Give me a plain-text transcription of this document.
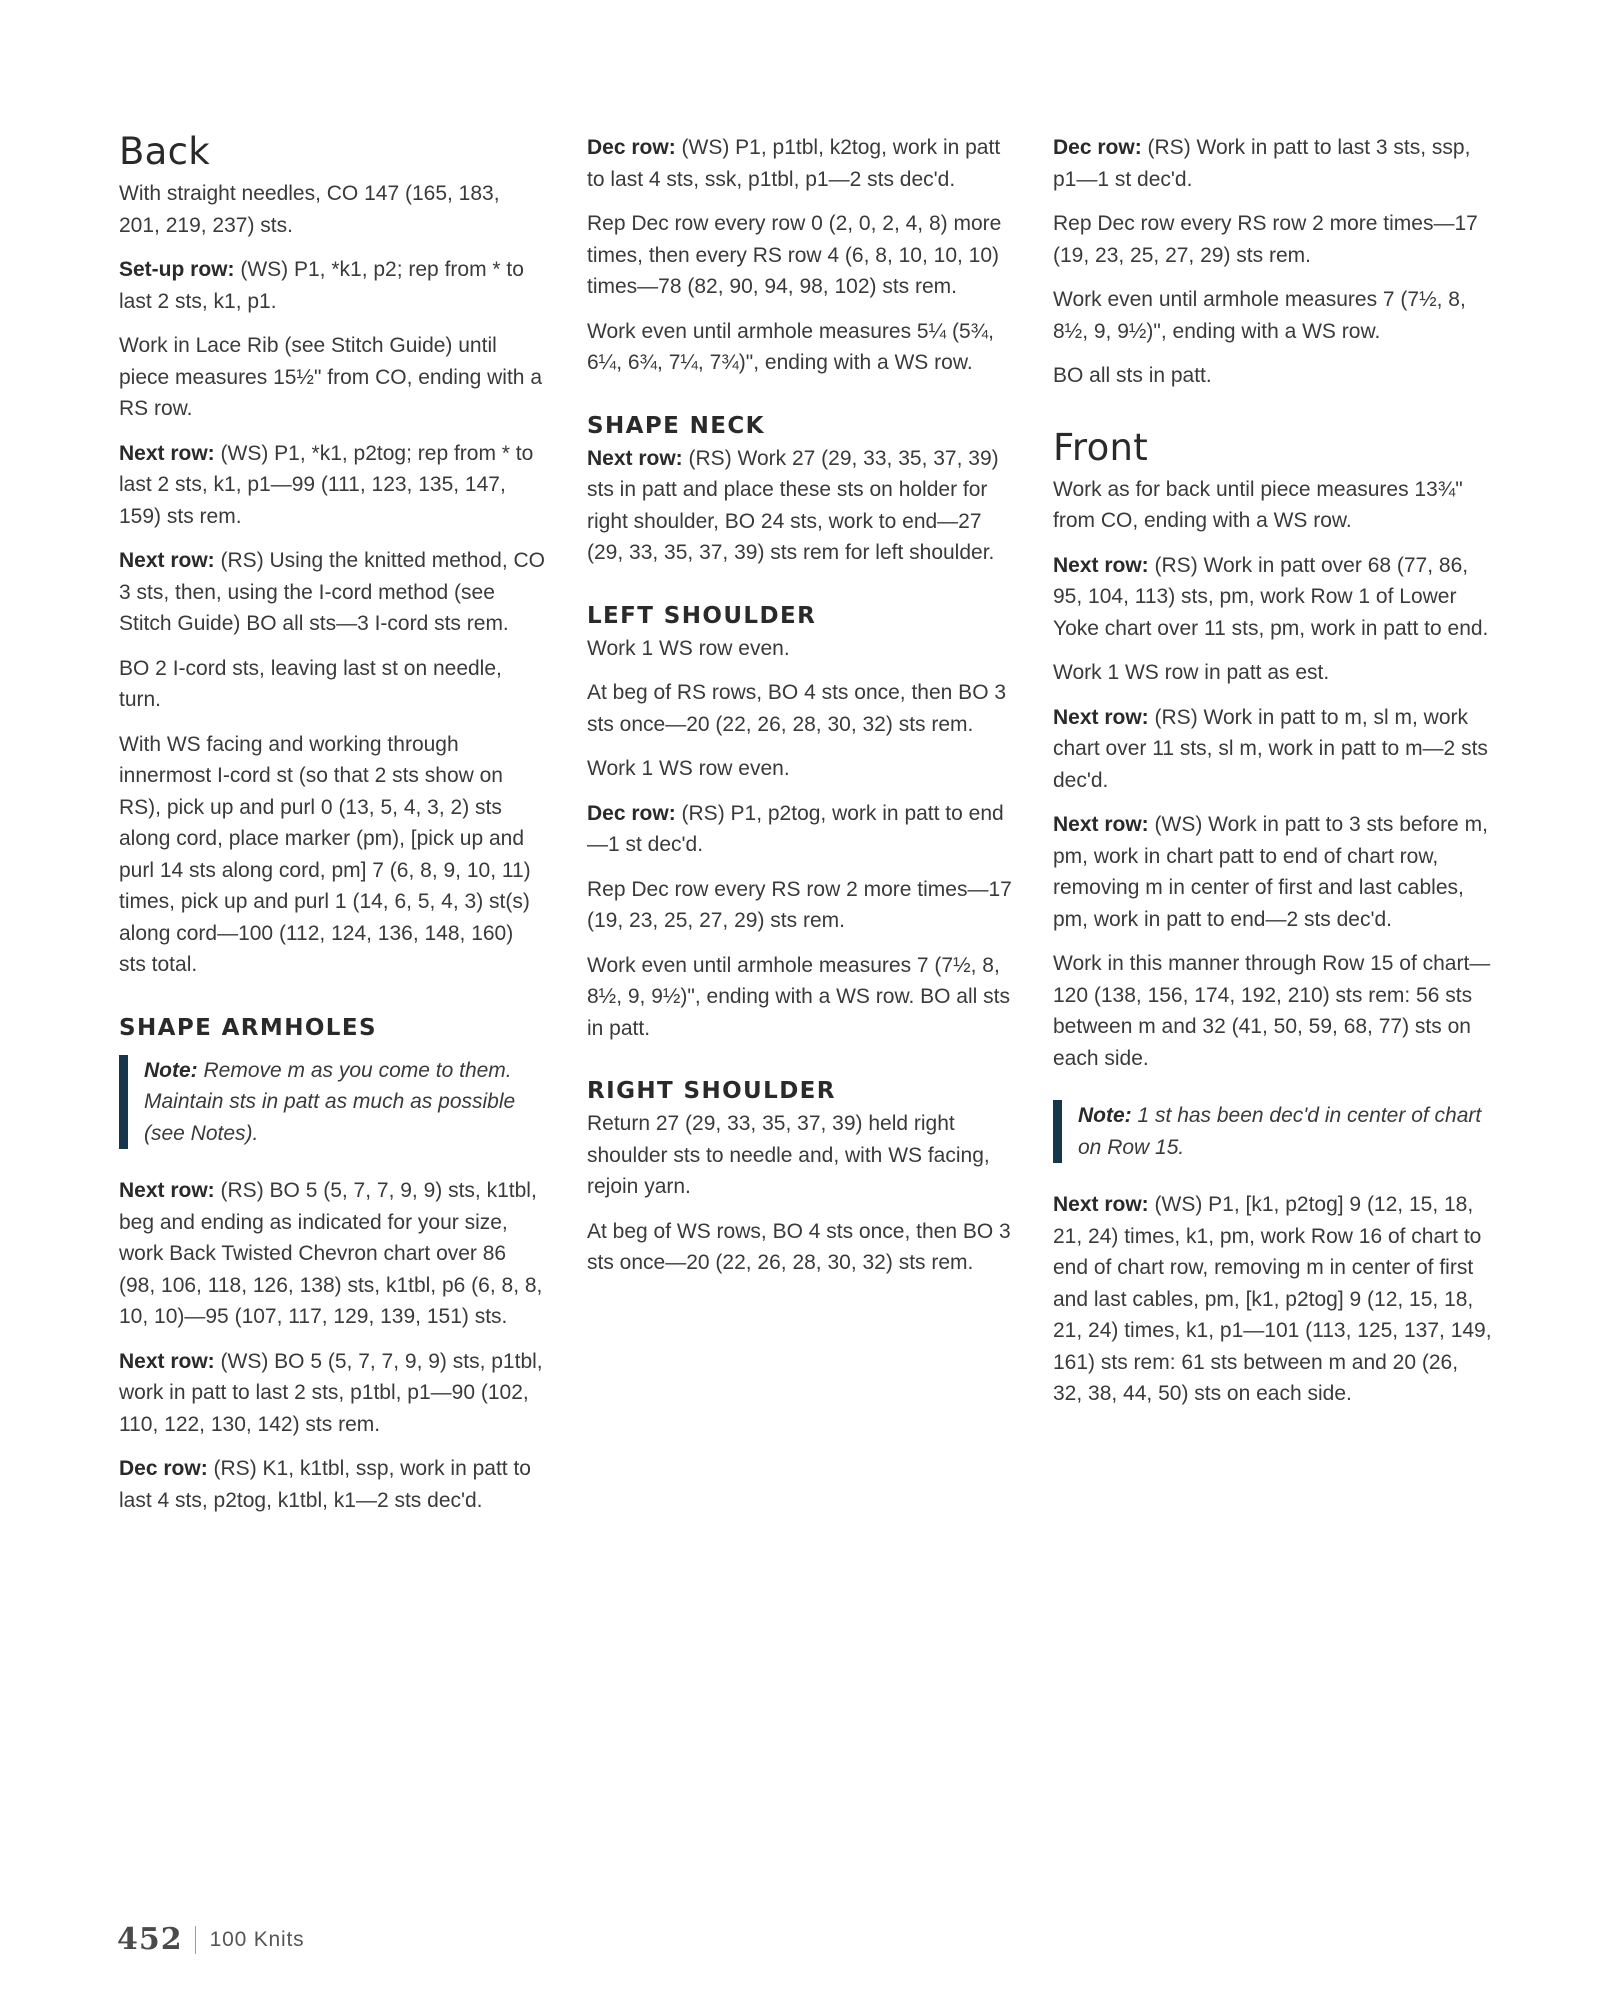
Back

With straight needles, CO 147 (165, 183, 201, 219, 237) sts.

Set-up row: (WS) P1, *k1, p2; rep from * to last 2 sts, k1, p1.

Work in Lace Rib (see Stitch Guide) until piece measures 15½" from CO, ending with a RS row.

Next row: (WS) P1, *k1, p2tog; rep from * to last 2 sts, k1, p1—99 (111, 123, 135, 147, 159) sts rem.

Next row: (RS) Using the knitted method, CO 3 sts, then, using the I-cord method (see Stitch Guide) BO all sts—3 I-cord sts rem.

BO 2 I-cord sts, leaving last st on needle, turn.

With WS facing and working through innermost I-cord st (so that 2 sts show on RS), pick up and purl 0 (13, 5, 4, 3, 2) sts along cord, place marker (pm), [pick up and purl 14 sts along cord, pm] 7 (6, 8, 9, 10, 11) times, pick up and purl 1 (14, 6, 5, 4, 3) st(s) along cord—100 (112, 124, 136, 148, 160) sts total.

SHAPE ARMHOLES
Note: Remove m as you come to them. Maintain sts in patt as much as possible (see Notes).

Next row: (RS) BO 5 (5, 7, 7, 9, 9) sts, k1tbl, beg and ending as indicated for your size, work Back Twisted Chevron chart over 86 (98, 106, 118, 126, 138) sts, k1tbl, p6 (6, 8, 8, 10, 10)—95 (107, 117, 129, 139, 151) sts.

Next row: (WS) BO 5 (5, 7, 7, 9, 9) sts, p1tbl, work in patt to last 2 sts, p1tbl, p1—90 (102, 110, 122, 130, 142) sts rem.

Dec row: (RS) K1, k1tbl, ssp, work in patt to last 4 sts, p2tog, k1tbl, k1—2 sts dec'd.

Dec row: (WS) P1, p1tbl, k2tog, work in patt to last 4 sts, ssk, p1tbl, p1—2 sts dec'd.

Rep Dec row every row 0 (2, 0, 2, 4, 8) more times, then every RS row 4 (6, 8, 10, 10, 10) times—78 (82, 90, 94, 98, 102) sts rem.

Work even until armhole measures 5¼ (5¾, 6¼, 6¾, 7¼, 7¾)", ending with a WS row.

SHAPE NECK

Next row: (RS) Work 27 (29, 33, 35, 37, 39) sts in patt and place these sts on holder for right shoulder, BO 24 sts, work to end—27 (29, 33, 35, 37, 39) sts rem for left shoulder.

LEFT SHOULDER

Work 1 WS row even.

At beg of RS rows, BO 4 sts once, then BO 3 sts once—20 (22, 26, 28, 30, 32) sts rem.

Work 1 WS row even.

Dec row: (RS) P1, p2tog, work in patt to end—1 st dec'd.

Rep Dec row every RS row 2 more times—17 (19, 23, 25, 27, 29) sts rem.

Work even until armhole measures 7 (7½, 8, 8½, 9, 9½)", ending with a WS row. BO all sts in patt.

RIGHT SHOULDER

Return 27 (29, 33, 35, 37, 39) held right shoulder sts to needle and, with WS facing, rejoin yarn.

At beg of WS rows, BO 4 sts once, then BO 3 sts once—20 (22, 26, 28, 30, 32) sts rem.

Dec row: (RS) Work in patt to last 3 sts, ssp, p1—1 st dec'd.

Rep Dec row every RS row 2 more times—17 (19, 23, 25, 27, 29) sts rem.

Work even until armhole measures 7 (7½, 8, 8½, 9, 9½)", ending with a WS row.

BO all sts in patt.

Front

Work as for back until piece measures 13¾" from CO, ending with a WS row.

Next row: (RS) Work in patt over 68 (77, 86, 95, 104, 113) sts, pm, work Row 1 of Lower Yoke chart over 11 sts, pm, work in patt to end.

Work 1 WS row in patt as est.

Next row: (RS) Work in patt to m, sl m, work chart over 11 sts, sl m, work in patt to m—2 sts dec'd.

Next row: (WS) Work in patt to 3 sts before m, pm, work in chart patt to end of chart row, removing m in center of first and last cables, pm, work in patt to end—2 sts dec'd.

Work in this manner through Row 15 of chart—120 (138, 156, 174, 192, 210) sts rem: 56 sts between m and 32 (41, 50, 59, 68, 77) sts on each side.

Note: 1 st has been dec'd in center of chart on Row 15.

Next row: (WS) P1, [k1, p2tog] 9 (12, 15, 18, 21, 24) times, k1, pm, work Row 16 of chart to end of chart row, removing m in center of first and last cables, pm, [k1, p2tog] 9 (12, 15, 18, 21, 24) times, k1, p1—101 (113, 125, 137, 149, 161) sts rem: 61 sts between m and 20 (26, 32, 38, 44, 50) sts on each side.

452 100 Knits
